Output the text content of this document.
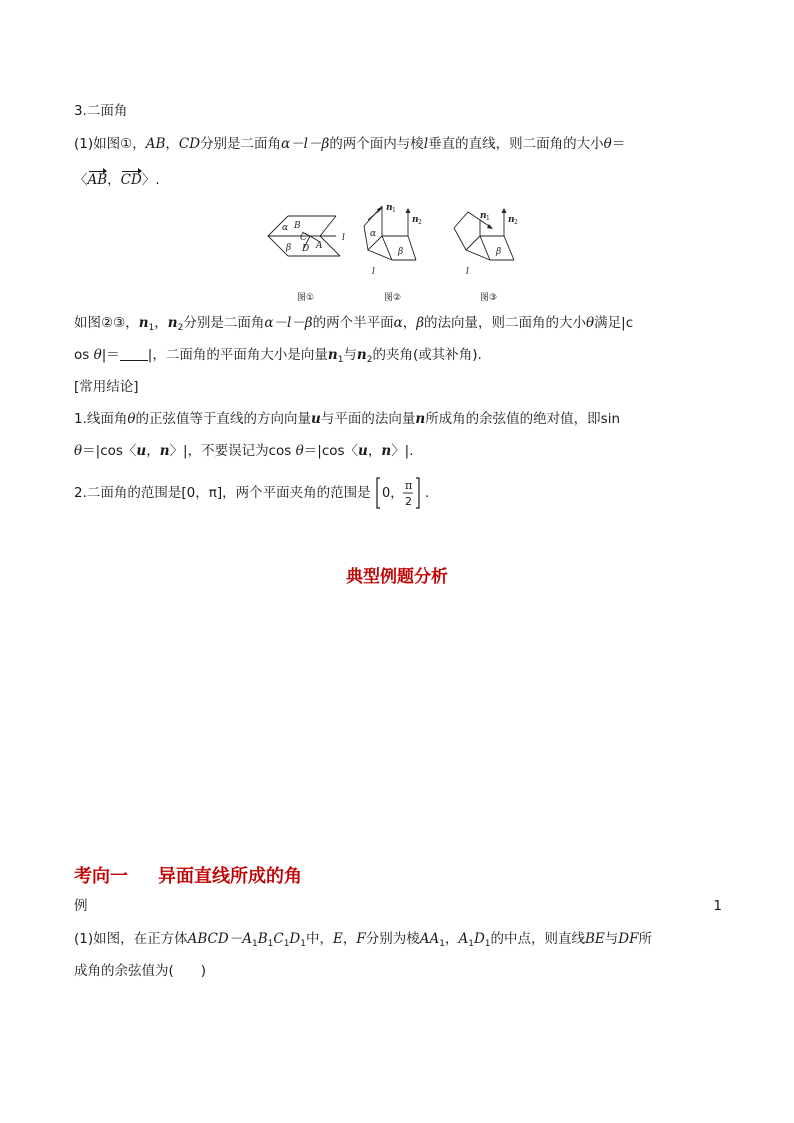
3.二面角
(1)如图①，AB，CD分别是二面角α－l－β的两个面内与棱l垂直的直线，则二面角的大小θ＝
〈AB，CD〉.
α B
C
β D A
l	α
β
l
n 1
n 2
β
l
n 1 n 2
图①	图②	图③
如图②③，$n_1$，$n_2$分别是二面角α－l－β的两个半平面α，β的法向量，则二面角的大小θ满足|c
os θ|＝ |，二面角的平面角大小是向量$n_1$与$n_2$的夹角(或其补角).
[常用结论]
1.线面角θ的正弦值等于直线的方向向量u与平面的法向量n所成角的余弦值的绝对值，即sin
θ＝|cos〈u，n〉|，不要误记为cos θ＝|cos〈u，n〉|.
2.二面角的范围是[0，π]，两个平面夹角的范围是 0，
π
2
.
典型例题分析
考向一 异面直线所成的角
例	1
(1)如图，在正方体$ABCD-A_1B_1C_1D_1$中，E，F分别为棱$AA_1$，$A_1D_1$的中点，则直线BE与DF所
成角的余弦值为(　　)
